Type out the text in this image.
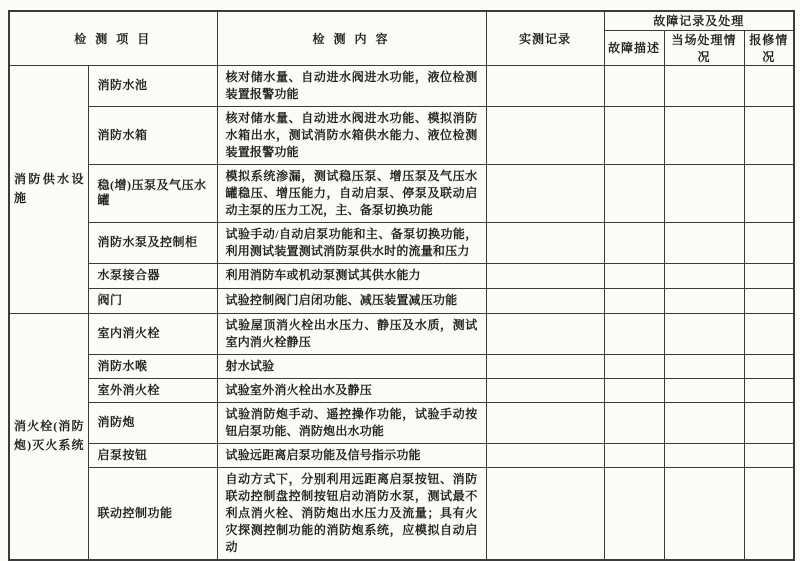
检 测 项 目		检 测 内 容	实测记录	故障记录及处理		
				故障描述	当场处理情况	报修情况
消防供水设施	消防水池	核对储水量、自动进水阀进水功能，液位检测装置报警功能				
	消防水箱	核对储水量、自动进水阀进水功能、模拟消防水箱出水，测试消防水箱供水能力、液位检测装置报警功能				
	稳(增)压泵及气压水罐	模拟系统渗漏，测试稳压泵、增压泵及气压水罐稳压、增压能力，自动启泵、停泵及联动启动主泵的压力工况，主、备泵切换功能				
	消防水泵及控制柜	试验手动/自动启泵功能和主、备泵切换功能，利用测试装置测试消防泵供水时的流量和压力				
	水泵接合器	利用消防车或机动泵测试其供水能力				
	阀门	试验控制阀门启闭功能、减压装置减压功能				
消火栓(消防炮)灭火系统	室内消火栓	试验屋顶消火栓出水压力、静压及水质，测试室内消火栓静压				
	消防水喉	射水试验				
	室外消火栓	试验室外消火栓出水及静压				
	消防炮	试验消防炮手动、遥控操作功能，试验手动按钮启泵功能、消防炮出水功能				
	启泵按钮	试验远距离启泵功能及信号指示功能				
	联动控制功能	自动方式下，分别利用远距离启泵按钮、消防联动控制盘控制按钮启动消防水泵，测试最不利点消火栓、消防炮出水压力及流量；具有火灾探测控制功能的消防炮系统，应模拟自动启动				
